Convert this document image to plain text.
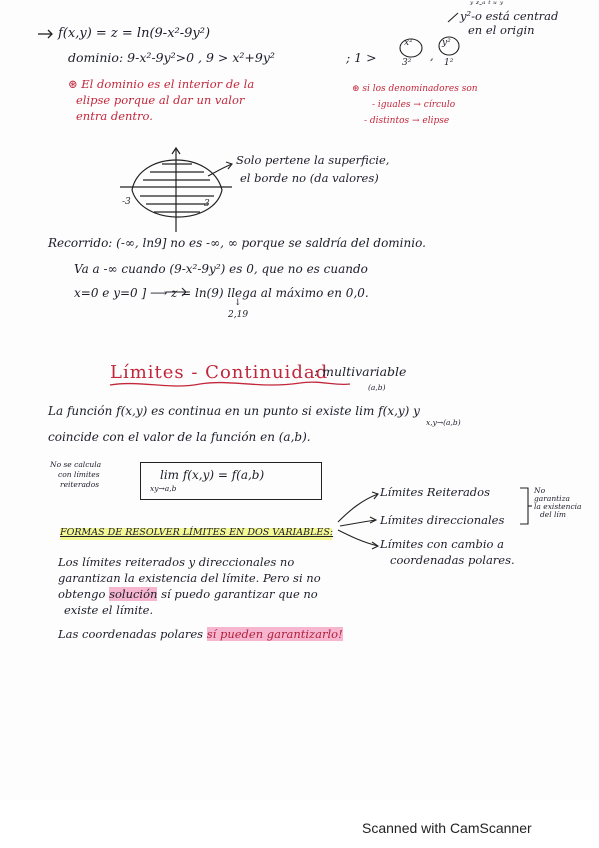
ʸ ᶻ-ᵃ ᵗ ᵘ ʸ
y²-o está centrad
en el origin
f(x,y) = z = ln(9-x²-9y²)
dominio: 9-x²-9y²>0 , 9 > x²+9y²	; 1 >
x²
3² ,
y²
1²
⊛ El dominio es el interior de la
elipse porque al dar un valor
entra dentro.
⊛ si los denominadores son
- iguales → círculo
- distintos → elipse
Solo pertene la superficie,
el borde no (da valores)
-3	3
Recorrido: (-∞, ln9] no es -∞, ∞ porque se saldría del dominio.
Va a -∞ cuando (9-x²-9y²) es 0, que no es cuando
x=0 e y=0 ] ⟶ z = ln(9) llega al máximo en 0,0.
↓
2,19
Límites - Continuidad
: multivariable
(a,b)
La función f(x,y) es continua en un punto si existe lim f(x,y) y
x,y→(a,b)
coincide con el valor de la función en (a,b).
No se calcula
con límites
reiterados
lim f(x,y) = f(a,b)
xy→a,b
FORMAS DE RESOLVER LÍMITES EN DOS VARIABLES:
Límites Reiterados
Límites direccionales
Límites con cambio a
coordenadas polares.
No
garantiza
la existencia
del lím
Los límites reiterados y direccionales no
garantizan la existencia del límite. Pero si no
obtengo solución sí puedo garantizar que no
existe el límite.
Las coordenadas polares sí pueden garantizarlo!
Scanned with CamScanner
